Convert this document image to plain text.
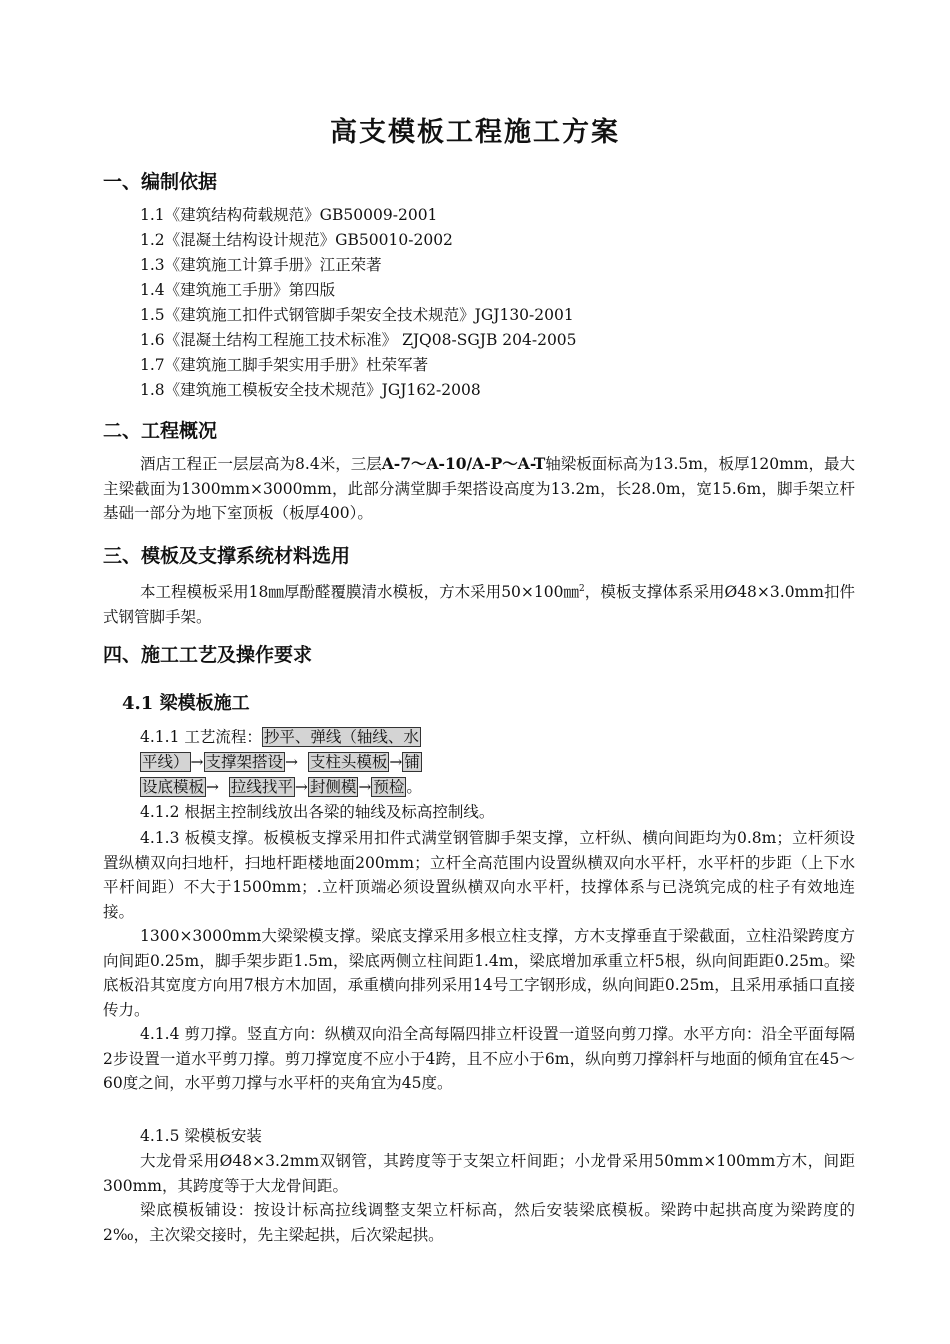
高支模板工程施工方案
一、编制依据
1.1《建筑结构荷载规范》GB50009-2001
1.2《混凝土结构设计规范》GB50010-2002
1.3《建筑施工计算手册》江正荣著
1.4《建筑施工手册》第四版
1.5《建筑施工扣件式钢管脚手架安全技术规范》JGJ130-2001
1.6《混凝土结构工程施工技术标准》 ZJQ08-SGJB 204-2005
1.7《建筑施工脚手架实用手册》杜荣军著
1.8《建筑施工模板安全技术规范》JGJ162-2008
二、工程概况
酒店工程正一层层高为8.4米，三层A-7～A-10/A-P～A-T轴梁板面标高为13.5m，板厚120mm，最大主梁截面为1300mm×3000mm，此部分满堂脚手架搭设高度为13.2m，长28.0m，宽15.6m，脚手架立杆基础一部分为地下室顶板（板厚400）。
三、模板及支撑系统材料选用
本工程模板采用18㎜厚酚醛覆膜清水模板，方木采用50×100㎜$^2$，模板支撑体系采用Ø48×3.0mm扣件式钢管脚手架。
四、施工工艺及操作要求
4.1 梁模板施工
4.1.1 工艺流程： 抄平、弹线（轴线、水
平线） → 支撑架搭设 → 支柱头模板 → 铺
设底模板 → 拉线找平 → 封侧模 → 预检 。
4.1.2 根据主控制线放出各梁的轴线及标高控制线。
4.1.3 板模支撑。板模板支撑采用扣件式满堂钢管脚手架支撑，立杆纵、横向间距均为0.8m；立杆须设置纵横双向扫地杆，扫地杆距楼地面200mm；立杆全高范围内设置纵横双向水平杆，水平杆的步距（上下水平杆间距）不大于1500mm；.立杆顶端必须设置纵横双向水平杆，技撑体系与已浇筑完成的柱子有效地连接。
1300×3000mm大梁梁模支撑。梁底支撑采用多根立柱支撑，方木支撑垂直于梁截面，立柱沿梁跨度方向间距0.25m，脚手架步距1.5m，梁底两侧立柱间距1.4m，梁底增加承重立杆5根，纵向间距距0.25m。梁底板沿其宽度方向用7根方木加固，承重横向排列采用14号工字钢形成，纵向间距0.25m，且采用承插口直接传力。
4.1.4 剪刀撑。竖直方向：纵横双向沿全高每隔四排立杆设置一道竖向剪刀撑。水平方向：沿全平面每隔2步设置一道水平剪刀撑。剪刀撑宽度不应小于4跨，且不应小于6m，纵向剪刀撑斜杆与地面的倾角宜在45～60度之间，水平剪刀撑与水平杆的夹角宜为45度。
4.1.5 梁模板安装
大龙骨采用Ø48×3.2mm双钢管，其跨度等于支架立杆间距；小龙骨采用50mm×100mm方木，间距300mm，其跨度等于大龙骨间距。
梁底模板铺设：按设计标高拉线调整支架立杆标高，然后安装梁底模板。梁跨中起拱高度为梁跨度的2‰，主次梁交接时，先主梁起拱，后次梁起拱。
